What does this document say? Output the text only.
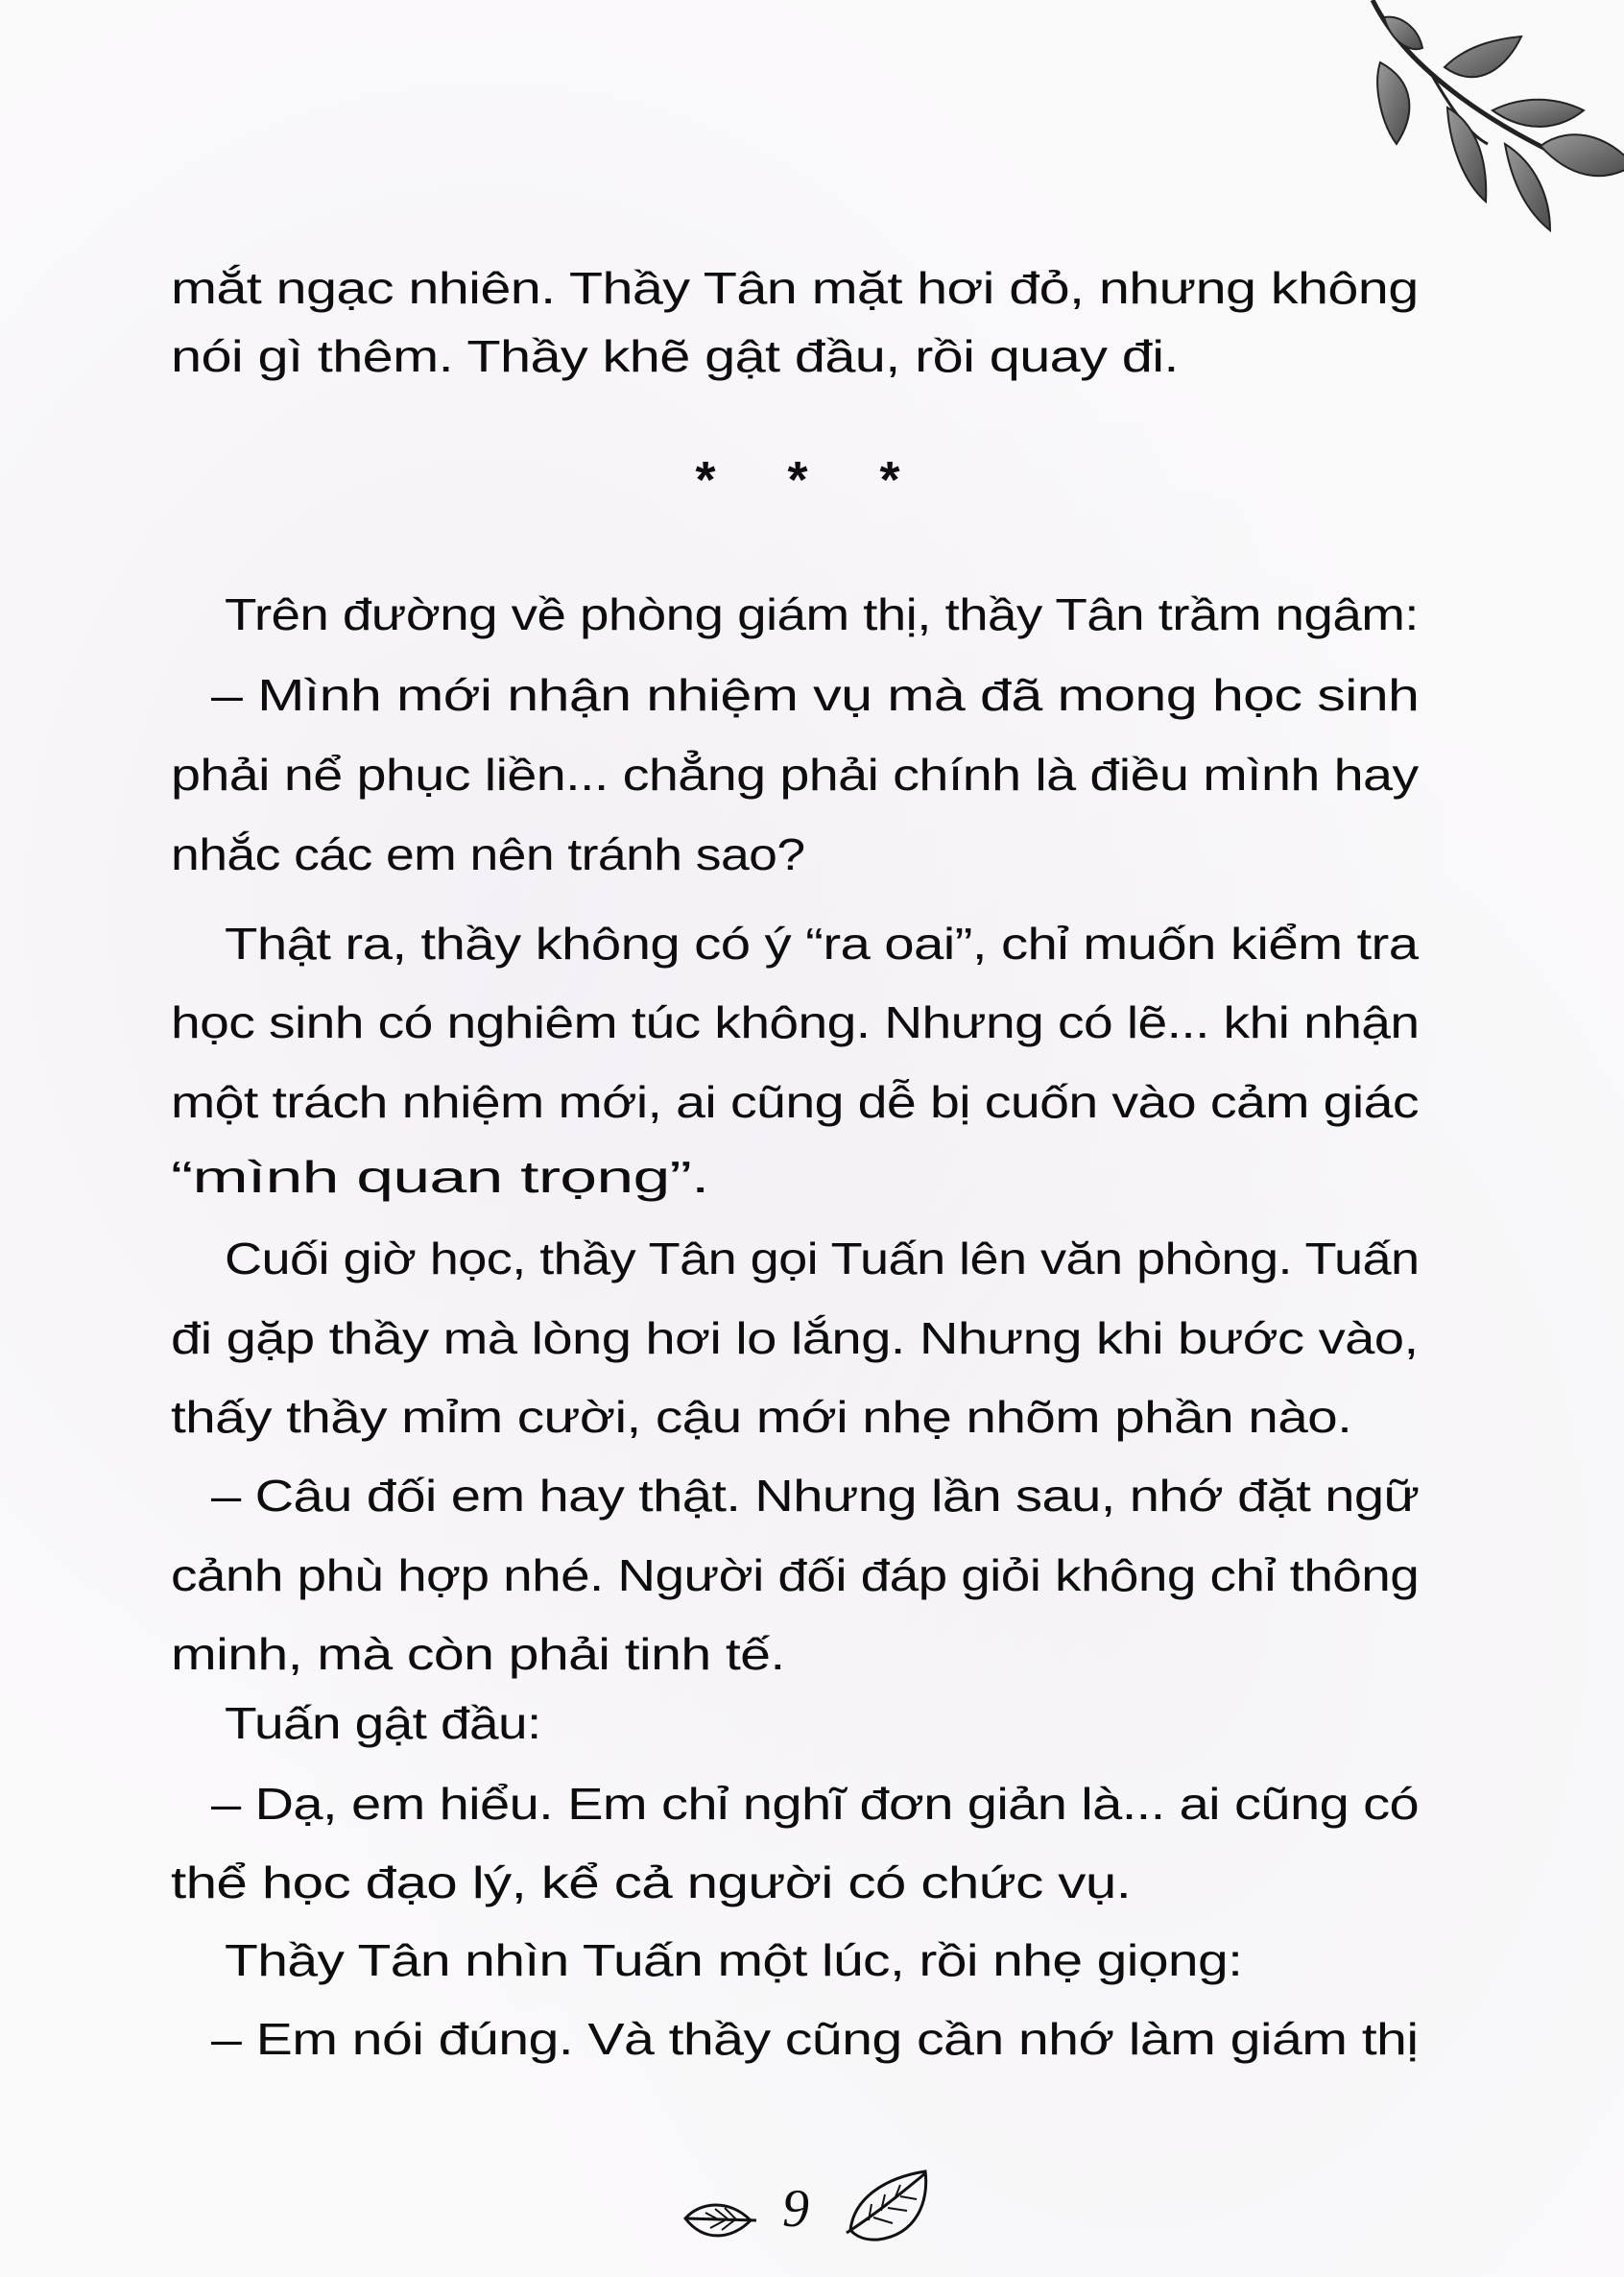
mắt ngạc nhiên. Thầy Tân mặt hơi đỏ, nhưng không
nói gì thêm. Thầy khẽ gật đầu, rồi quay đi.
* * *
Trên đường về phòng giám thị, thầy Tân trầm ngâm:
– Mình mới nhận nhiệm vụ mà đã mong học sinh
phải nể phục liền... chẳng phải chính là điều mình hay
nhắc các em nên tránh sao?
Thật ra, thầy không có ý “ra oai”, chỉ muốn kiểm tra
học sinh có nghiêm túc không. Nhưng có lẽ... khi nhận
một trách nhiệm mới, ai cũng dễ bị cuốn vào cảm giác
“mình quan trọng”.
Cuối giờ học, thầy Tân gọi Tuấn lên văn phòng. Tuấn
đi gặp thầy mà lòng hơi lo lắng. Nhưng khi bước vào,
thấy thầy mỉm cười, cậu mới nhẹ nhõm phần nào.
– Câu đối em hay thật. Nhưng lần sau, nhớ đặt ngữ
cảnh phù hợp nhé. Người đối đáp giỏi không chỉ thông
minh, mà còn phải tinh tế.
Tuấn gật đầu:
– Dạ, em hiểu. Em chỉ nghĩ đơn giản là... ai cũng có
thể học đạo lý, kể cả người có chức vụ.
Thầy Tân nhìn Tuấn một lúc, rồi nhẹ giọng:
– Em nói đúng. Và thầy cũng cần nhớ làm giám thị
9
